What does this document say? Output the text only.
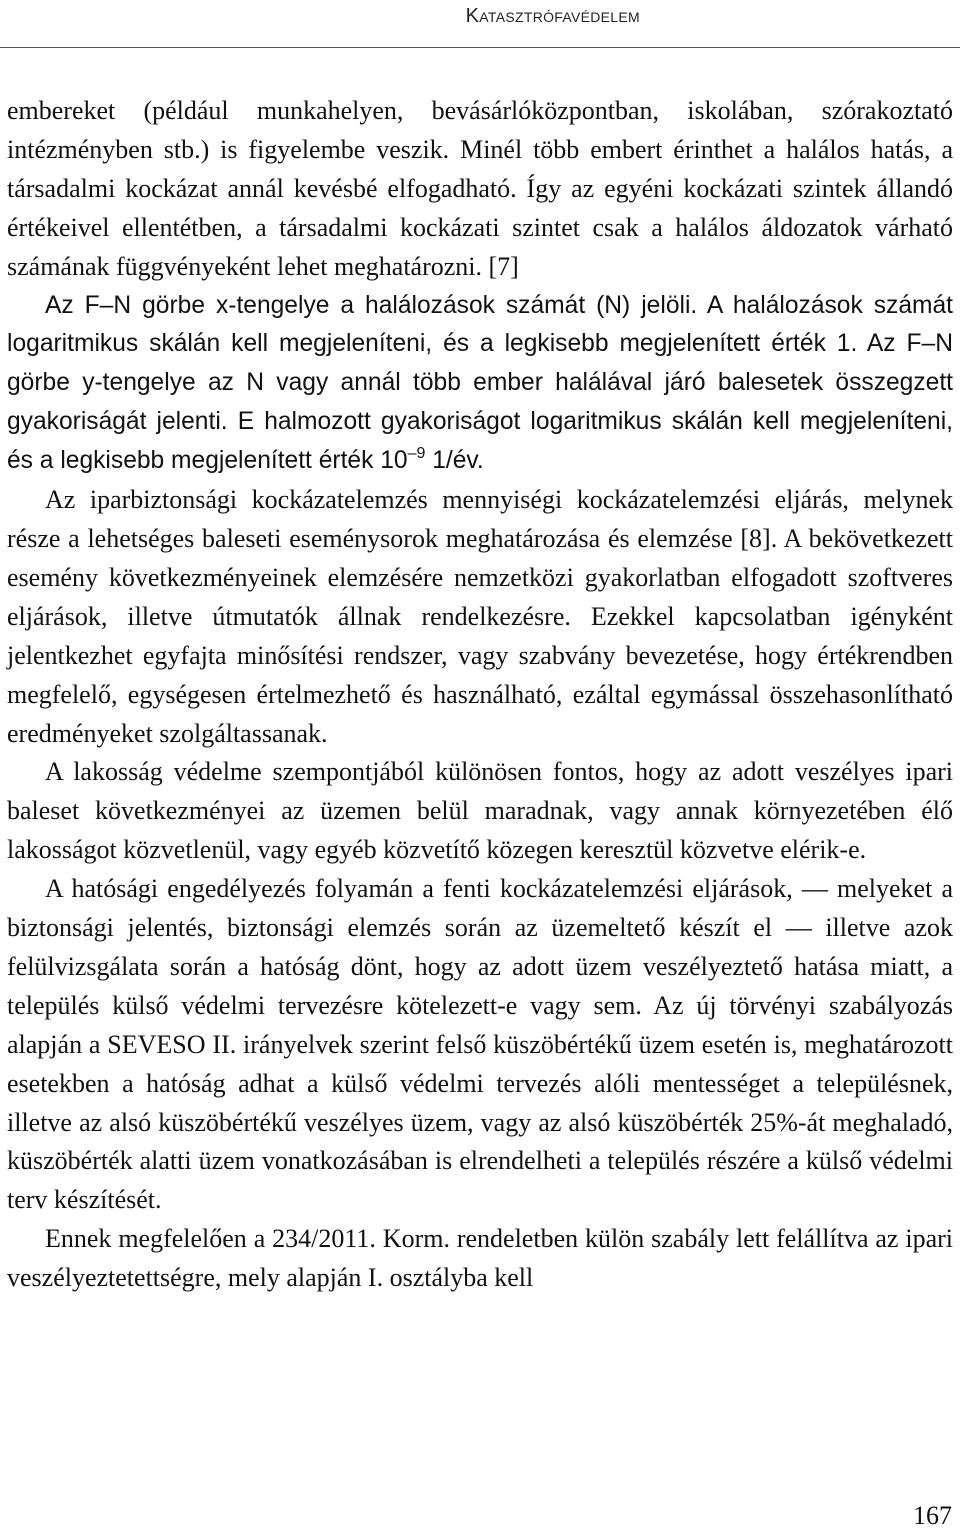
Katasztrófavédelem

embereket (például munkahelyen, bevásárlóközpontban, iskolában, szórakoztató intézményben stb.) is figyelembe veszik. Minél több embert érinthet a halálos hatás, a társadalmi kockázat annál kevésbé elfogadható. Így az egyéni kockázati szintek állandó értékeivel ellentétben, a társadalmi kockázati szintet csak a halálos áldozatok várható számának függvényeként lehet meghatározni. [7]

Az F–N görbe x-tengelye a halálozások számát (N) jelöli. A halálozások számát logaritmikus skálán kell megjeleníteni, és a legkisebb megjelenített érték 1. Az F–N görbe y-tengelye az N vagy annál több ember halálával járó balesetek összegzett gyakoriságát jelenti. E halmozott gyakoriságot logaritmikus skálán kell megjeleníteni, és a legkisebb megjelenített érték $10^{-9}$ 1/év.

Az iparbiztonsági kockázatelemzés mennyiségi kockázatelemzési eljárás, melynek része a lehetséges baleseti eseménysorok meghatározása és elemzése [8]. A bekövetkezett esemény következményeinek elemzésére nemzetközi gyakorlatban elfogadott szoftveres eljárások, illetve útmutatók állnak rendelkezésre. Ezekkel kapcsolatban igényként jelentkezhet egyfajta minősítési rendszer, vagy szabvány bevezetése, hogy értékrendben megfelelő, egységesen értelmezhető és használható, ezáltal egymással összehasonlítható eredményeket szolgáltassanak.

A lakosság védelme szempontjából különösen fontos, hogy az adott veszélyes ipari baleset következményei az üzemen belül maradnak, vagy annak környezetében élő lakosságot közvetlenül, vagy egyéb közvetítő közegen keresztül közvetve elérik-e.

A hatósági engedélyezés folyamán a fenti kockázatelemzési eljárások, ― melyeket a biztonsági jelentés, biztonsági elemzés során az üzemeltető készít el ― illetve azok felülvizsgálata során a hatóság dönt, hogy az adott üzem veszélyeztető hatása miatt, a település külső védelmi tervezésre kötelezett-e vagy sem. Az új törvényi szabályozás alapján a SEVESO II. irányelvek szerint felső küszöbértékű üzem esetén is, meghatározott esetekben a hatóság adhat a külső védelmi tervezés alóli mentességet a településnek, illetve az alsó küszöbértékű veszélyes üzem, vagy az alsó küszöbérték 25%-át meghaladó, küszöbérték alatti üzem vonatkozásában is elrendelheti a település részére a külső védelmi terv készítését.

Ennek megfelelően a 234/2011. Korm. rendeletben külön szabály lett felállítva az ipari veszélyeztetettségre, mely alapján I. osztályba kell

167
